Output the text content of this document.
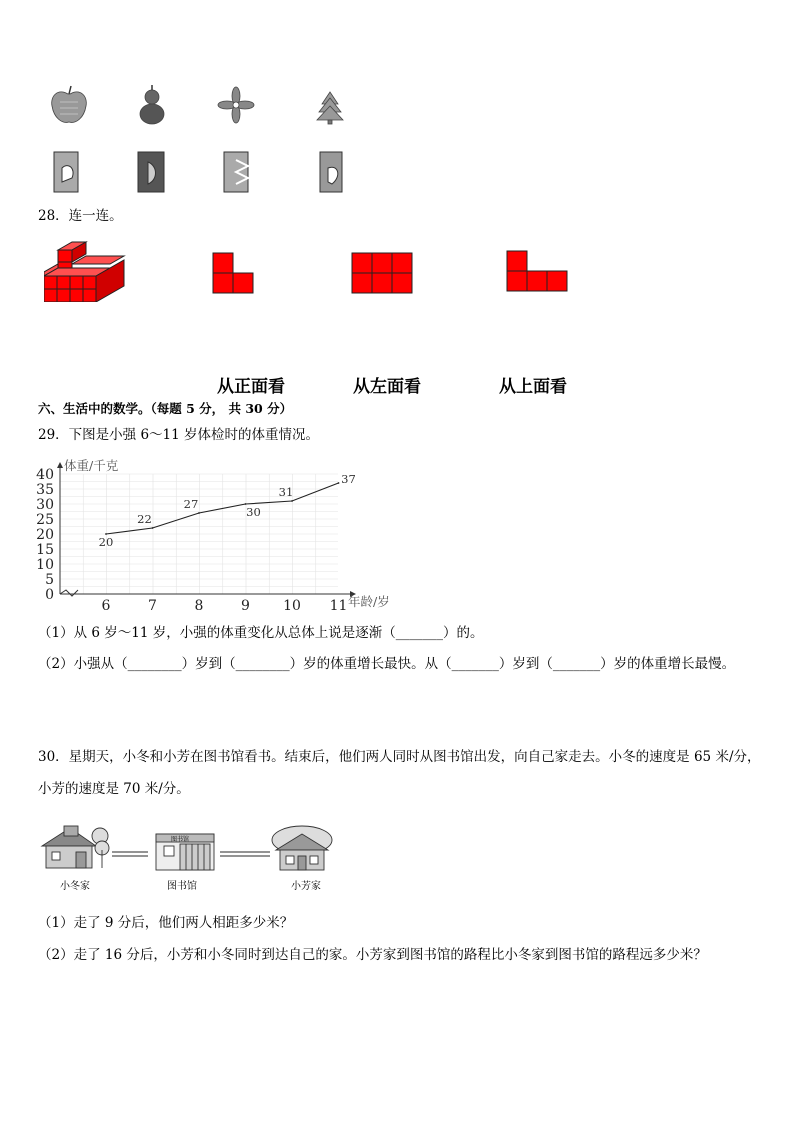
28．连一连。
从正面看	从左面看	从上面看
六、生活中的数学。（每题 5 分， 共 30 分）
29．下图是小强 6～11 岁体检时的体重情况。
0
5
10
15
20
25
30
35
40
6	7	8	9 10 11
20
22
27
30
31
37
体重/千克
年龄/岁
（1）从 6 岁～11 岁，小强的体重变化从总体上说是逐渐（_______）的。
（2）小强从（________）岁到（________）岁的体重增长最快。从（_______）岁到（_______）岁的体重增长最慢。
30．星期天，小冬和小芳在图书馆看书。结束后，他们两人同时从图书馆出发，向自己家走去。小冬的速度是 65 米/分，
小芳的速度是 70 米/分。
图书馆
小冬家	图书馆	小芳家
（1）走了 9 分后，他们两人相距多少米？
（2）走了 16 分后，小芳和小冬同时到达自己的家。小芳家到图书馆的路程比小冬家到图书馆的路程远多少米？
